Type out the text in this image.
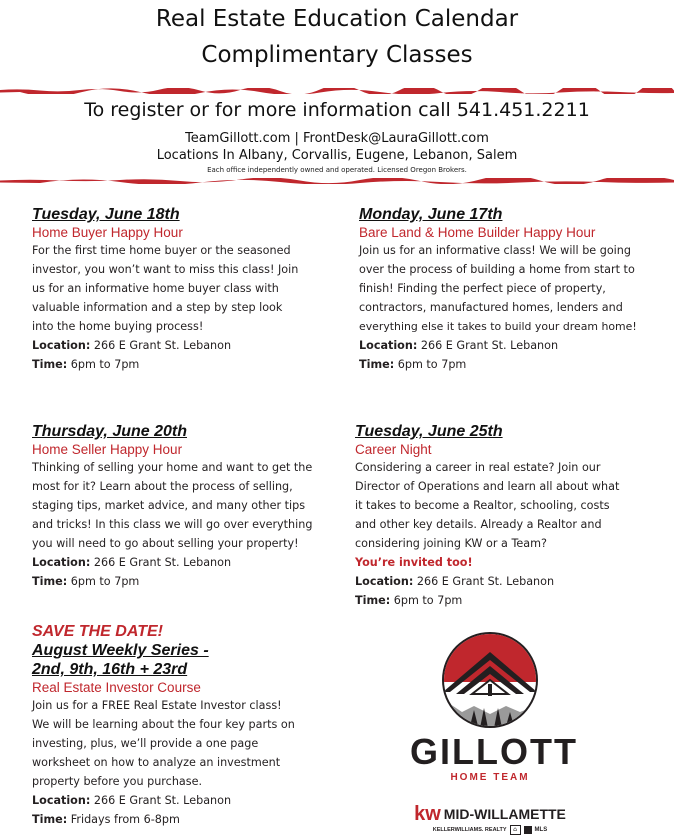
Real Estate Education Calendar
Complimentary Classes
To register or for more information call 541.451.2211
TeamGillott.com | FrontDesk@LauraGillott.com
Locations In Albany, Corvallis, Eugene, Lebanon, Salem
Each office independently owned and operated. Licensed Oregon Brokers.
Tuesday, June 18th
Home Buyer Happy Hour
For the first time home buyer or the seasoned
investor, you won’t want to miss this class! Join
us for an informative home buyer class with
valuable information and a step by step look
into the home buying process!
Location: 266 E Grant St. Lebanon
Time: 6pm to 7pm
Monday, June 17th
Bare Land & Home Builder Happy Hour
Join us for an informative class! We will be going
over the process of building a home from start to
finish! Finding the perfect piece of property,
contractors, manufactured homes, lenders and
everything else it takes to build your dream home!
Location: 266 E Grant St. Lebanon
Time: 6pm to 7pm
Thursday, June 20th
Home Seller Happy Hour
Thinking of selling your home and want to get the
most for it? Learn about the process of selling,
staging tips, market advice, and many other tips
and tricks! In this class we will go over everything
you will need to go about selling your property!
Location: 266 E Grant St. Lebanon
Time: 6pm to 7pm
Tuesday, June 25th
Career Night
Considering a career in real estate? Join our
Director of Operations and learn all about what
it takes to become a Realtor, schooling, costs
and other key details. Already a Realtor and
considering joining KW or a Team?
You’re invited too!
Location: 266 E Grant St. Lebanon
Time: 6pm to 7pm
SAVE THE DATE!
August Weekly Series -
2nd, 9th, 16th + 23rd
Real Estate Investor Course
Join us for a FREE Real Estate Investor class!
We will be learning about the four key parts on
investing, plus, we’ll provide a one page
worksheet on how to analyze an investment
property before you purchase.
Location: 266 E Grant St. Lebanon
Time: Fridays from 6-8pm
GILLOTT
HOME TEAM
kw MID-WILLAMETTE
KELLERWILLIAMS. REALTY	⌂	MLS
